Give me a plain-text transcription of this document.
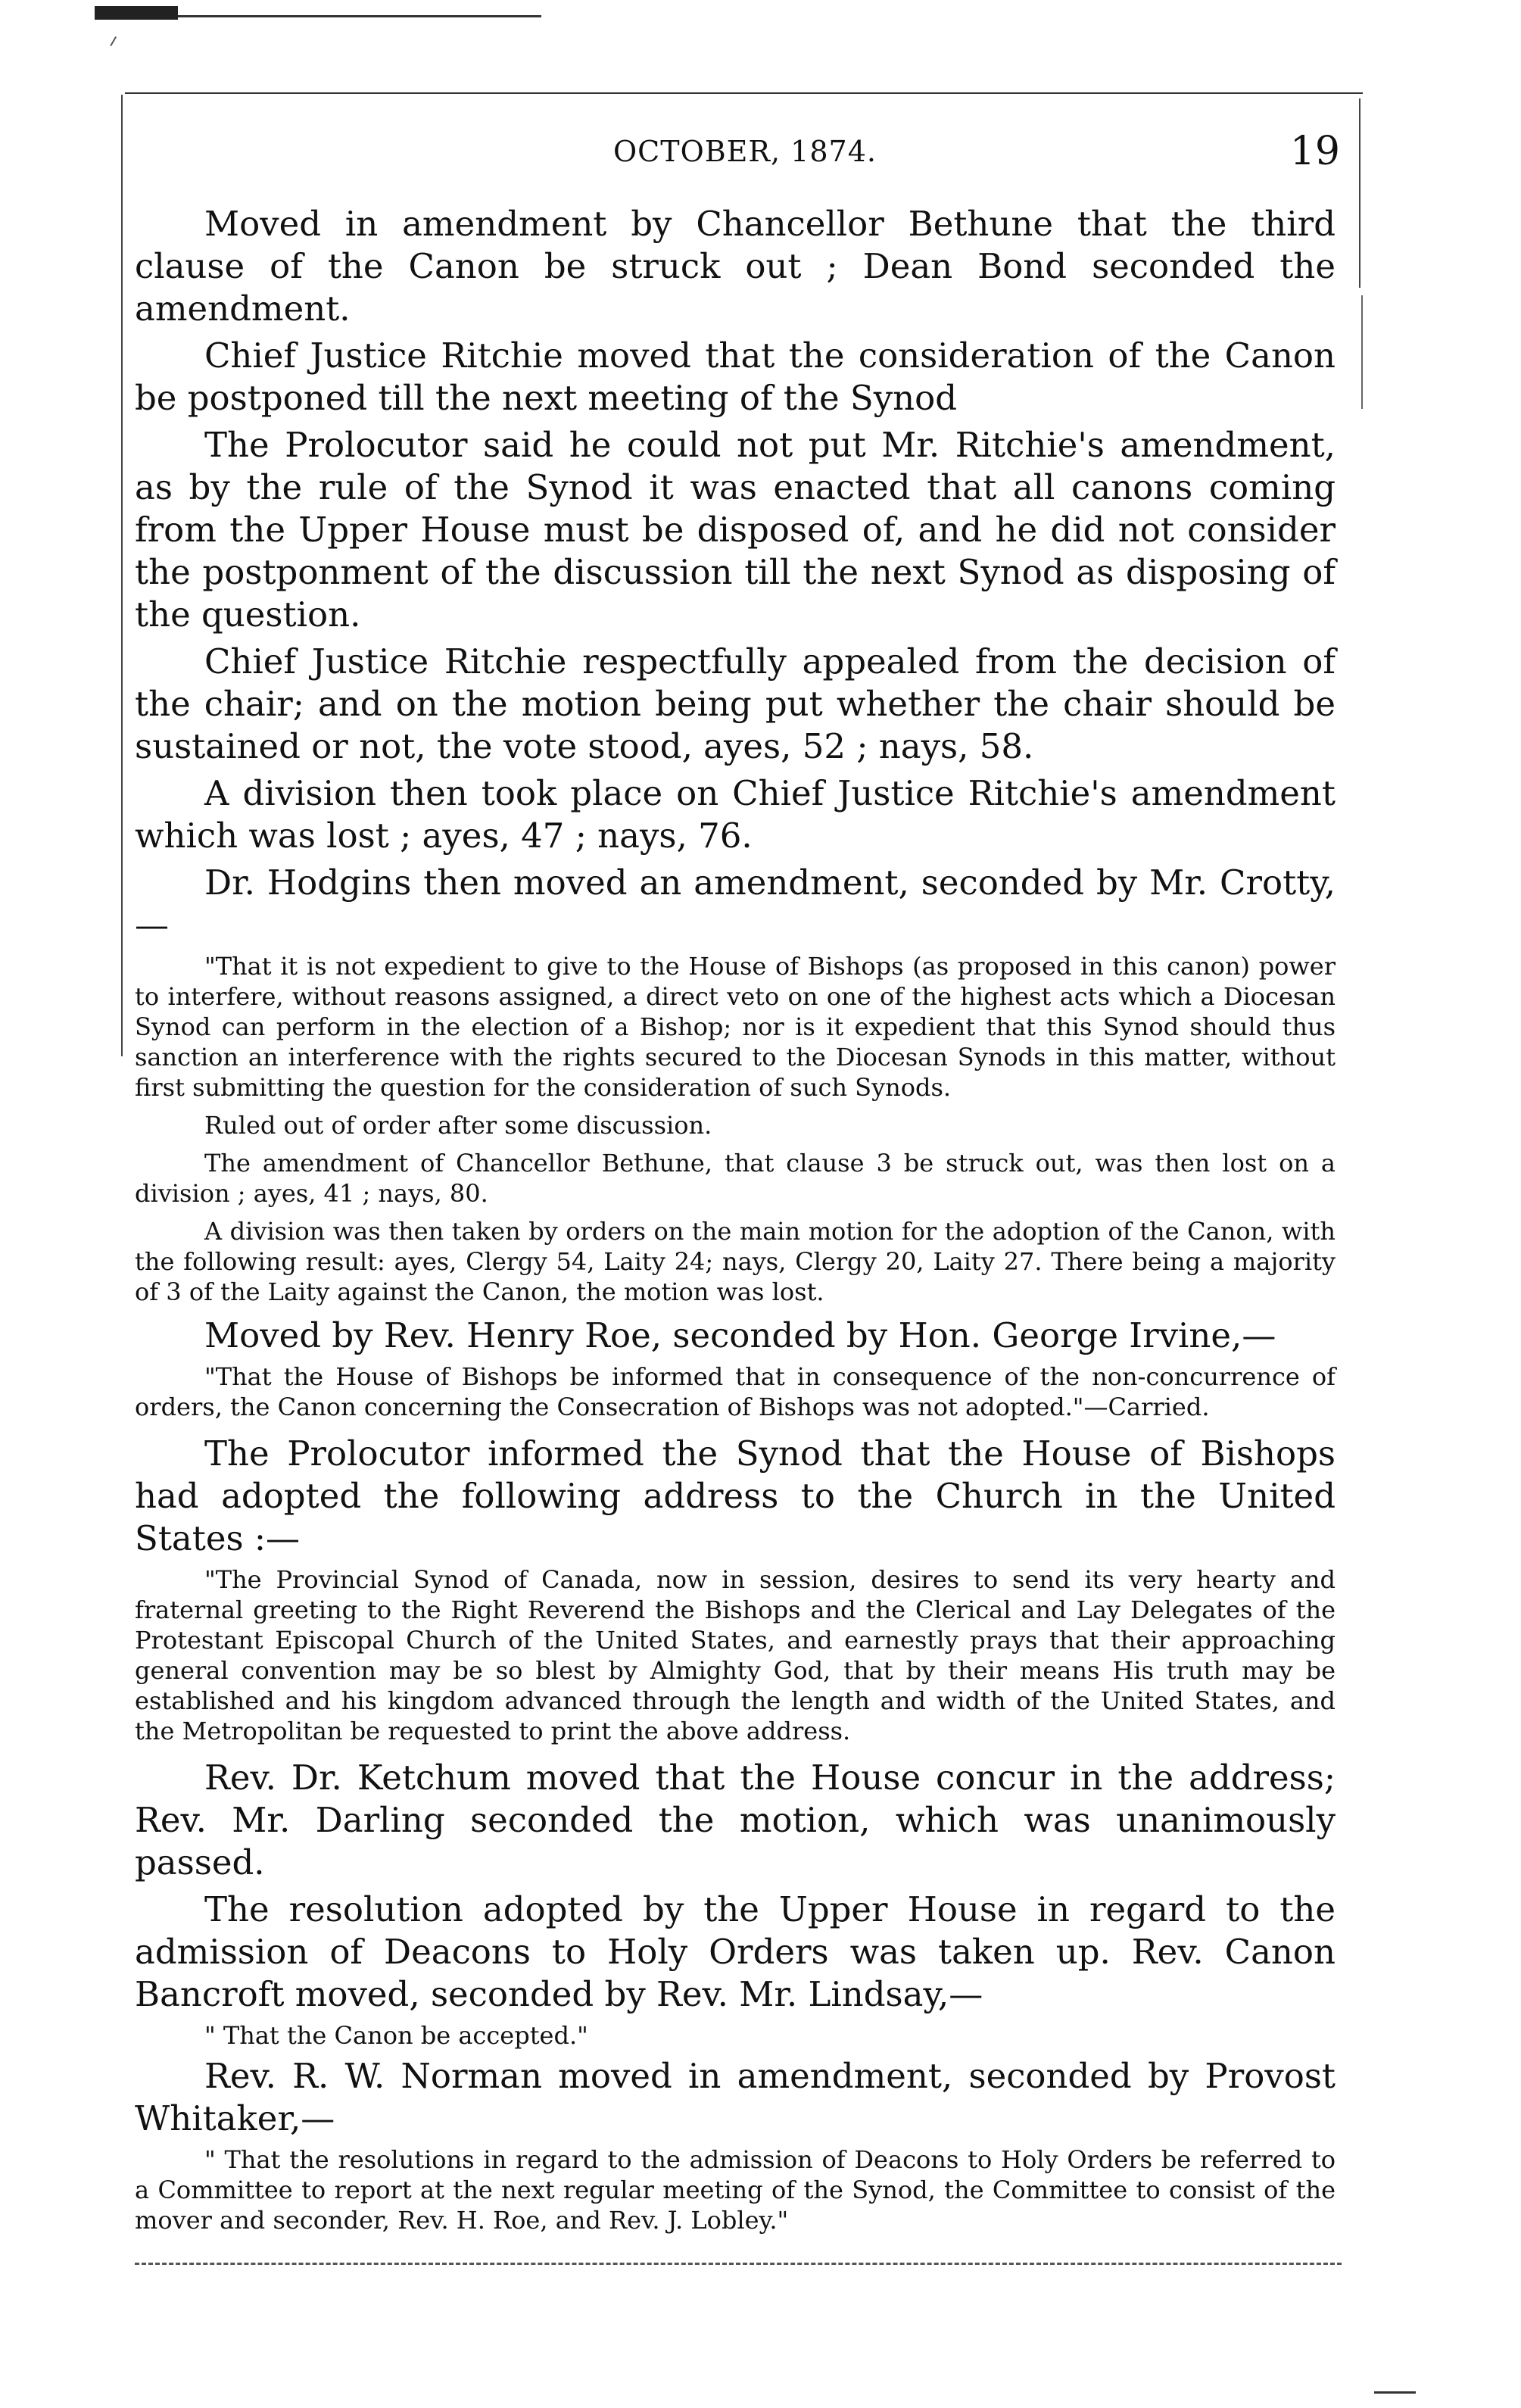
OCTOBER, 1874.	19

Moved in amendment by Chancellor Bethune that the third clause of the Canon be struck out ; Dean Bond seconded the amendment.

Chief Justice Ritchie moved that the consideration of the Canon be postponed till the next meeting of the Synod

The Prolocutor said he could not put Mr. Ritchie's amendment, as by the rule of the Synod it was enacted that all canons coming from the Upper House must be disposed of, and he did not consider the postponment of the discussion till the next Synod as disposing of the question.

Chief Justice Ritchie respectfully appealed from the decision of the chair; and on the motion being put whether the chair should be sustained or not, the vote stood, ayes, 52 ; nays, 58.

A division then took place on Chief Justice Ritchie's amendment which was lost ; ayes, 47 ; nays, 76.

Dr. Hodgins then moved an amendment, seconded by Mr. Crotty,—

"That it is not expedient to give to the House of Bishops (as proposed in this canon) power to interfere, without reasons assigned, a direct veto on one of the highest acts which a Diocesan Synod can perform in the election of a Bishop; nor is it expedient that this Synod should thus sanction an interference with the rights secured to the Diocesan Synods in this matter, without first submitting the question for the consideration of such Synods.

Ruled out of order after some discussion.

The amendment of Chancellor Bethune, that clause 3 be struck out, was then lost on a division ; ayes, 41 ; nays, 80.

A division was then taken by orders on the main motion for the adoption of the Canon, with the following result: ayes, Clergy 54, Laity 24; nays, Clergy 20, Laity 27. There being a majority of 3 of the Laity against the Canon, the motion was lost.

Moved by Rev. Henry Roe, seconded by Hon. George Irvine,—

"That the House of Bishops be informed that in consequence of the non-concurrence of orders, the Canon concerning the Consecration of Bishops was not adopted."—Carried.

The Prolocutor informed the Synod that the House of Bishops had adopted the following address to the Church in the United States :—

"The Provincial Synod of Canada, now in session, desires to send its very hearty and fraternal greeting to the Right Reverend the Bishops and the Clerical and Lay Delegates of the Protestant Episcopal Church of the United States, and earnestly prays that their approaching general convention may be so blest by Almighty God, that by their means His truth may be established and his kingdom advanced through the length and width of the United States, and the Metropolitan be requested to print the above address.

Rev. Dr. Ketchum moved that the House concur in the address; Rev. Mr. Darling seconded the motion, which was unanimously passed.

The resolution adopted by the Upper House in regard to the admission of Deacons to Holy Orders was taken up. Rev. Canon Bancroft moved, seconded by Rev. Mr. Lindsay,—

" That the Canon be accepted."

Rev. R. W. Norman moved in amendment, seconded by Provost Whitaker,—

" That the resolutions in regard to the admission of Deacons to Holy Orders be referred to a Committee to report at the next regular meeting of the Synod, the Committee to consist of the mover and seconder, Rev. H. Roe, and Rev. J. Lobley."
